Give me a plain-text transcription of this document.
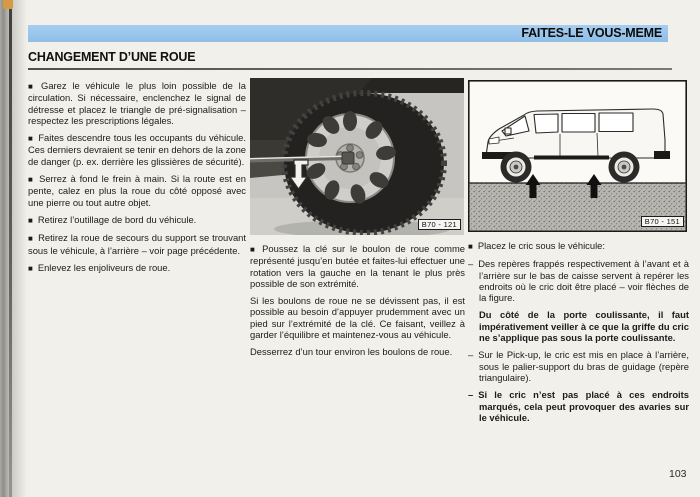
FAITES-LE VOUS-MEME
CHANGEMENT D’UNE ROUE

■ Garez le véhicule le plus loin possible de la circulation. Si nécessaire, enclenchez le signal de détresse et placez le triangle de pré-signalisation – respectez les prescriptions légales.

■ Faites descendre tous les occupants du véhicule. Ces derniers devraient se tenir en dehors de la zone de danger (p. ex. derrière les glissières de sécurité).

■ Serrez à fond le frein à main. Si la route est en pente, calez en plus la roue du côté opposé avec une pierre ou tout autre objet.

■ Retirez l’outillage de bord du véhicule.

■ Retirez la roue de secours du support se trouvant sous le véhicule, à l’arrière – voir page précédente.

■ Enlevez les enjoliveurs de roue.

B70 - 121

■ Poussez la clé sur le boulon de roue comme représenté jusqu’en butée et faites-lui effectuer une rotation vers la gauche en la tenant le plus près possible de son extrémité.

Si les boulons de roue ne se dévissent pas, il est possible au besoin d’appuyer prudemment avec un pied sur l’extrémité de la clé. Ce faisant, veillez à garder l’équilibre et maintenez-vous au véhicule.

Desserrez d’un tour environ les boulons de roue.

B70 - 151

■ Placez le cric sous le véhicule:

– Des repères frappés respectivement à l’avant et à l’arrière sur le bas de caisse servent à repérer les endroits où le cric doit être placé – voir flèches de la figure.

Du côté de la porte coulissante, il faut impérativement veiller à ce que la griffe du cric ne s’applique pas sous la porte coulissante.

– Sur le Pick-up, le cric est mis en place à l’arrière, sous le palier-support du bras de guidage (repère triangulaire).

– Si le cric n’est pas placé à ces endroits marqués, cela peut provoquer des avaries sur le véhicule.

103
